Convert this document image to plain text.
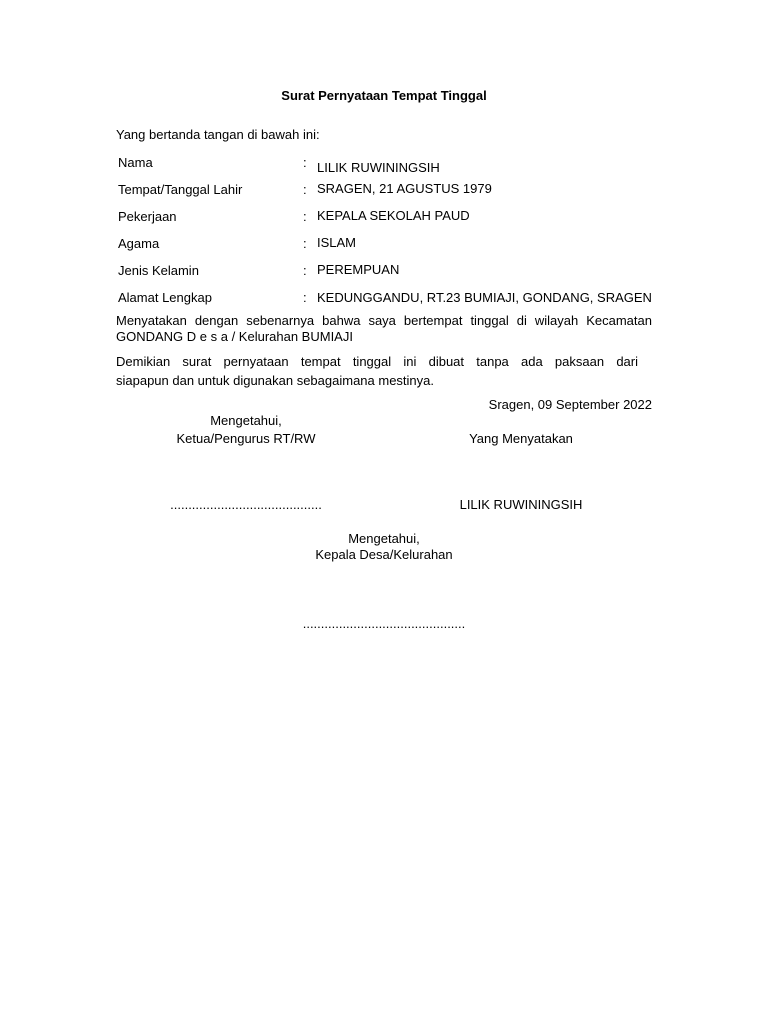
Surat Pernyataan Tempat Tinggal
Yang bertanda tangan di bawah ini:
Nama	: LILIK RUWININGSIH
Tempat/Tanggal Lahir	: SRAGEN, 21 AGUSTUS 1979
Pekerjaan	: KEPALA SEKOLAH PAUD
Agama	: ISLAM
Jenis Kelamin	: PEREMPUAN
Alamat Lengkap	: KEDUNGGANDU, RT.23 BUMIAJI, GONDANG, SRAGEN
Menyatakan dengan sebenarnya bahwa saya bertempat tinggal di wilayah Kecamatan
GONDANG D e s a / Kelurahan BUMIAJI
Demikian surat pernyataan tempat tinggal ini dibuat tanpa ada paksaan dari
siapapun dan untuk digunakan sebagaimana mestinya.
Sragen, 09 September 2022
Mengetahui,
Ketua/Pengurus RT/RW
..........................................
Yang Menyatakan
LILIK RUWININGSIH
Mengetahui,
Kepala Desa/Kelurahan
.............................................
